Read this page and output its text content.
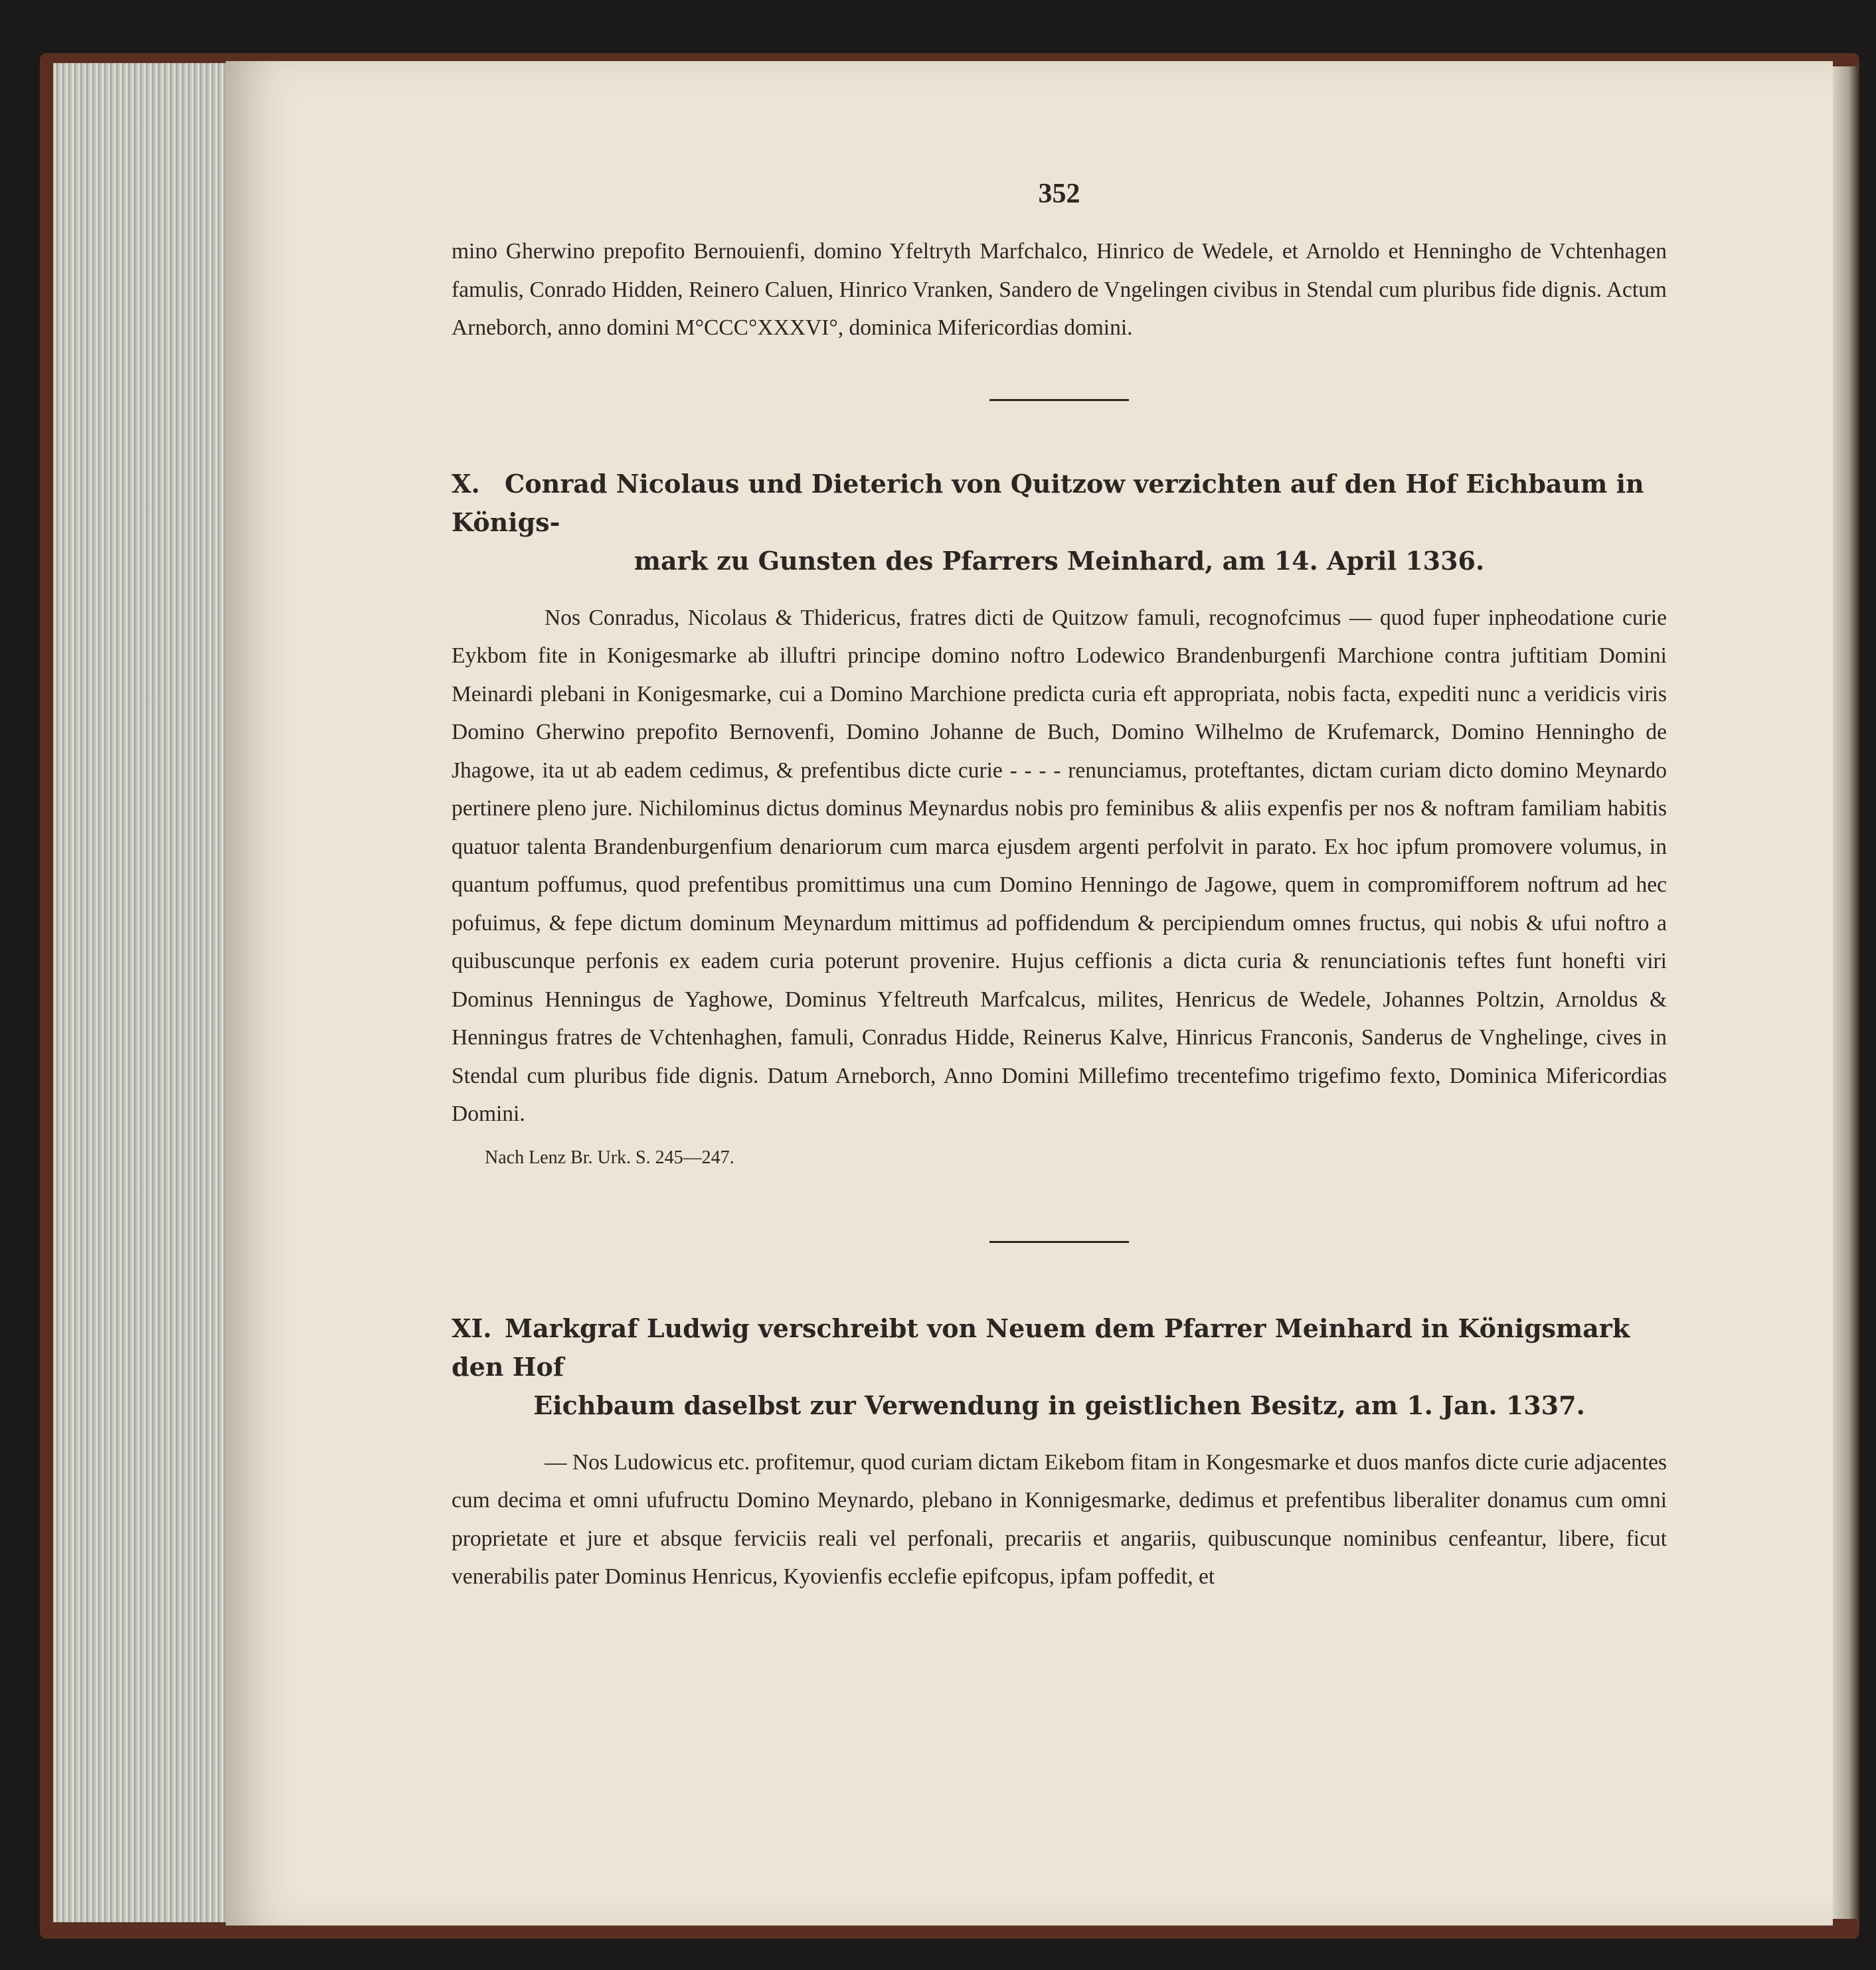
352

mino Gherwino prepofito Bernouienfi, domino Yfeltryth Marfchalco, Hinrico de Wedele, et Arnoldo et Henningho de Vchtenhagen famulis, Conrado Hidden, Reinero Caluen, Hinrico Vranken, Sandero de Vngelingen civibus in Stendal cum pluribus fide dignis. Actum Arneborch, anno domini M°CCC°XXXVI°, dominica Mifericordias domini.

X. Conrad Nicolaus und Dieterich von Quitzow verzichten auf den Hof Eichbaum in Königs-
mark zu Gunsten des Pfarrers Meinhard, am 14. April 1336.

Nos Conradus, Nicolaus & Thidericus, fratres dicti de Quitzow famuli, recognofcimus — quod fuper inpheodatione curie Eykbom fite in Konigesmarke ab illuftri principe domino noftro Lodewico Brandenburgenfi Marchione contra juftitiam Domini Meinardi plebani in Konigesmarke, cui a Domino Marchione predicta curia eft appropriata, nobis facta, expediti nunc a veridicis viris Domino Gherwino prepofito Bernovenfi, Domino Johanne de Buch, Domino Wilhelmo de Krufemarck, Domino Henningho de Jhagowe, ita ut ab eadem cedimus, & prefentibus dicte curie - - - - renunciamus, proteftantes, dictam curiam dicto domino Meynardo pertinere pleno jure. Nichilominus dictus dominus Meynardus nobis pro feminibus & aliis expenfis per nos & noftram familiam habitis quatuor talenta Brandenburgenfium denariorum cum marca ejusdem argenti perfolvit in parato. Ex hoc ipfum promovere volumus, in quantum poffumus, quod prefentibus promittimus una cum Domino Henningo de Jagowe, quem in compromifforem noftrum ad hec pofuimus, & fepe dictum dominum Meynardum mittimus ad poffidendum & percipiendum omnes fructus, qui nobis & ufui noftro a quibuscunque perfonis ex eadem curia poterunt provenire. Hujus ceffionis a dicta curia & renunciationis teftes funt honefti viri Dominus Henningus de Yaghowe, Dominus Yfeltreuth Marfcalcus, milites, Henricus de Wedele, Johannes Poltzin, Arnoldus & Henningus fratres de Vchtenhaghen, famuli, Conradus Hidde, Reinerus Kalve, Hinricus Franconis, Sanderus de Vnghelinge, cives in Stendal cum pluribus fide dignis. Datum Arneborch, Anno Domini Millefimo trecentefimo trigefimo fexto, Dominica Mifericordias Domini.

Nach Lenz Br. Urk. S. 245—247.
XI. Markgraf Ludwig verschreibt von Neuem dem Pfarrer Meinhard in Königsmark den Hof
Eichbaum daselbst zur Verwendung in geistlichen Besitz, am 1. Jan. 1337.

— Nos Ludowicus etc. profitemur, quod curiam dictam Eikebom fitam in Kongesmarke et duos manfos dicte curie adjacentes cum decima et omni ufufructu Domino Meynardo, plebano in Konnigesmarke, dedimus et prefentibus liberaliter donamus cum omni proprietate et jure et absque ferviciis reali vel perfonali, precariis et angariis, quibuscunque nominibus cenfeantur, libere, ficut venerabilis pater Dominus Henricus, Kyovienfis ecclefie epifcopus, ipfam poffedit, et
